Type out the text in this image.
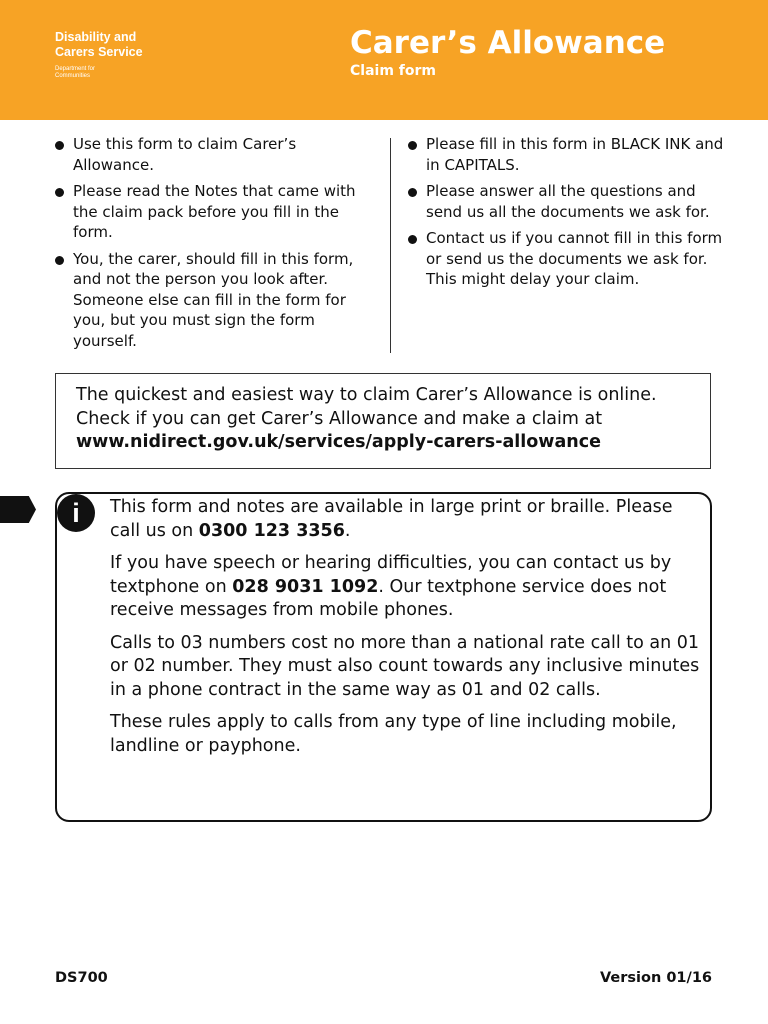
Disability and
Carers Service
Department for
Communities
Carer’s Allowance
Claim form
Use this form to claim Carer’s Allowance.
Please read the Notes that came with the claim pack before you fill in the form.
You, the carer, should fill in this form, and not the person you look after. Someone else can fill in the form for you, but you must sign the form yourself.
Please fill in this form in BLACK INK and in CAPITALS.
Please answer all the questions and send us all the documents we ask for.
Contact us if you cannot fill in this form or send us the documents we ask for. This might delay your claim.

The quickest and easiest way to claim Carer’s Allowance is online. Check if you can get Carer’s Allowance and make a claim at

www.nidirect.gov.uk/services/apply-carers-allowance

i	This form and notes are available in large print or braille. Please call us on 0300 123 3356.

If you have speech or hearing difficulties, you can contact us by textphone on 028 9031 1092. Our textphone service does not receive messages from mobile phones.

Calls to 03 numbers cost no more than a national rate call to an 01 or 02 number. They must also count towards any inclusive minutes in a phone contract in the same way as 01 and 02 calls.

These rules apply to calls from any type of line including mobile, landline or payphone.

DS700	Version 01/16
